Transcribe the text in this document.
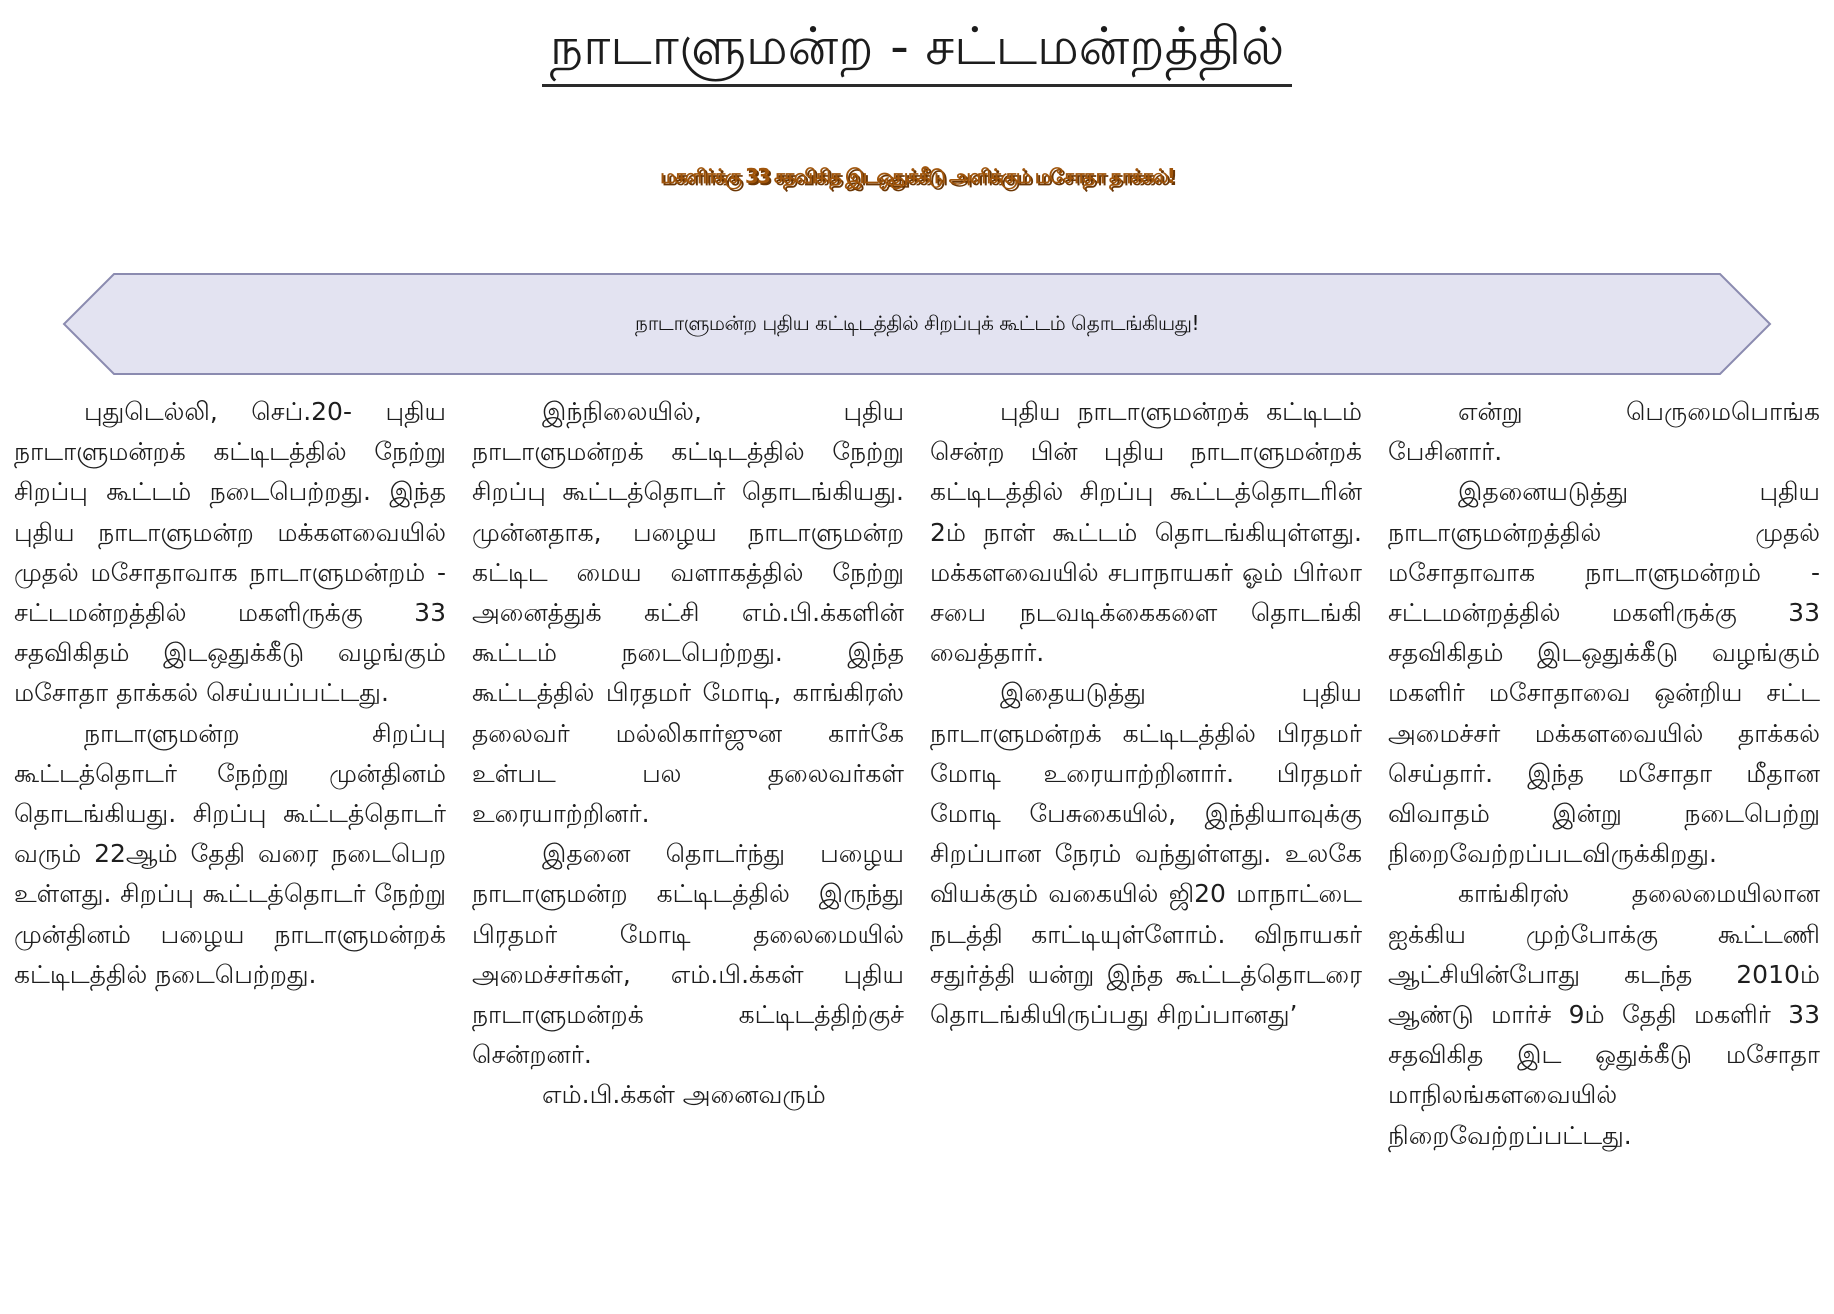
நாடாளுமன்ற - சட்டமன்றத்தில்
மகளிர்க்கு 33 சதவிகித இடஒதுக்கீடு அளிக்கும் மசோதா தாக்கல்!
நாடாளுமன்ற புதிய கட்டிடத்தில் சிறப்புக் கூட்டம் தொடங்கியது!

புதுடெல்லி, செப்.20- புதிய நாடாளுமன்றக் கட்டிடத்தில் நேற்று சிறப்பு கூட்டம் நடைபெற்றது. இந்த புதிய நாடாளுமன்ற மக்களவையில் முதல் மசோதாவாக நாடாளுமன்றம் - சட்டமன்றத்தில் மகளிருக்கு 33 சதவிகிதம் இடஒதுக்கீடு வழங்கும் மசோதா தாக்கல் செய்யப்பட்டது.

நாடாளுமன்ற சிறப்பு கூட்டத்தொடர் நேற்று முன்தினம் தொடங்கியது. சிறப்பு கூட்டத்தொடர் வரும் 22ஆம் தேதி வரை நடைபெற உள்ளது. சிறப்பு கூட்டத்தொடர் நேற்று முன்தினம் பழைய நாடாளுமன்றக் கட்டிடத்தில் நடைபெற்றது.

இந்நிலையில், புதிய நாடாளுமன்றக் கட்டிடத்தில் நேற்று சிறப்பு கூட்டத்தொடர் தொடங்கியது. முன்னதாக, பழைய நாடாளுமன்ற கட்டிட மைய வளாகத்தில் நேற்று அனைத்துக் கட்சி எம்.பி.க்களின் கூட்டம் நடைபெற்றது. இந்த கூட்டத்தில் பிரதமர் மோடி, காங்கிரஸ் தலைவர் மல்லிகார்ஜுன கார்கே உள்பட பல தலைவர்கள் உரையாற்றினர்.

இதனை தொடர்ந்து பழைய நாடாளுமன்ற கட்டிடத்தில் இருந்து பிரதமர் மோடி தலைமையில் அமைச்சர்கள், எம்.பி.க்கள் புதிய நாடாளுமன்றக் கட்டிடத்திற்குச் சென்றனர்.

எம்.பி.க்கள் அனைவரும்

புதிய நாடாளுமன்றக் கட்டிடம் சென்ற பின் புதிய நாடாளுமன்றக் கட்டிடத்தில் சிறப்பு கூட்டத்தொடரின் 2ம் நாள் கூட்டம் தொடங்கியுள்ளது. மக்களவையில் சபாநாயகர் ஓம் பிர்லா சபை நடவடிக்கைகளை தொடங்கி வைத்தார்.

இதையடுத்து புதிய நாடாளுமன்றக் கட்டிடத்தில் பிரதமர் மோடி உரையாற்றினார். பிரதமர் மோடி பேசுகையில், இந்தியாவுக்கு சிறப்பான நேரம் வந்துள்ளது. உலகே வியக்கும் வகையில் ஜி20 மாநாட்டை நடத்தி காட்டியுள்ளோம். விநாயகர் சதுர்த்தி யன்று இந்த கூட்டத்தொடரை தொடங்கியிருப்பது சிறப்பானது’

என்று பெருமைபொங்க பேசினார்.

இதனையடுத்து புதிய நாடாளுமன்றத்தில் முதல் மசோதாவாக நாடாளுமன்றம் - சட்டமன்றத்தில் மகளிருக்கு 33 சதவிகிதம் இடஒதுக்கீடு வழங்கும் மகளிர் மசோதாவை ஒன்றிய சட்ட அமைச்சர் மக்களவையில் தாக்கல் செய்தார். இந்த மசோதா மீதான விவாதம் இன்று நடைபெற்று நிறைவேற்றப்படவிருக்கிறது.

காங்கிரஸ் தலைமையிலான ஐக்கிய முற்போக்கு கூட்டணி ஆட்சியின்போது கடந்த 2010ம் ஆண்டு மார்ச் 9ம் தேதி மகளிர் 33 சதவிகித இட ஒதுக்கீடு மசோதா மாநிலங்களவையில் நிறைவேற்றப்பட்டது.
